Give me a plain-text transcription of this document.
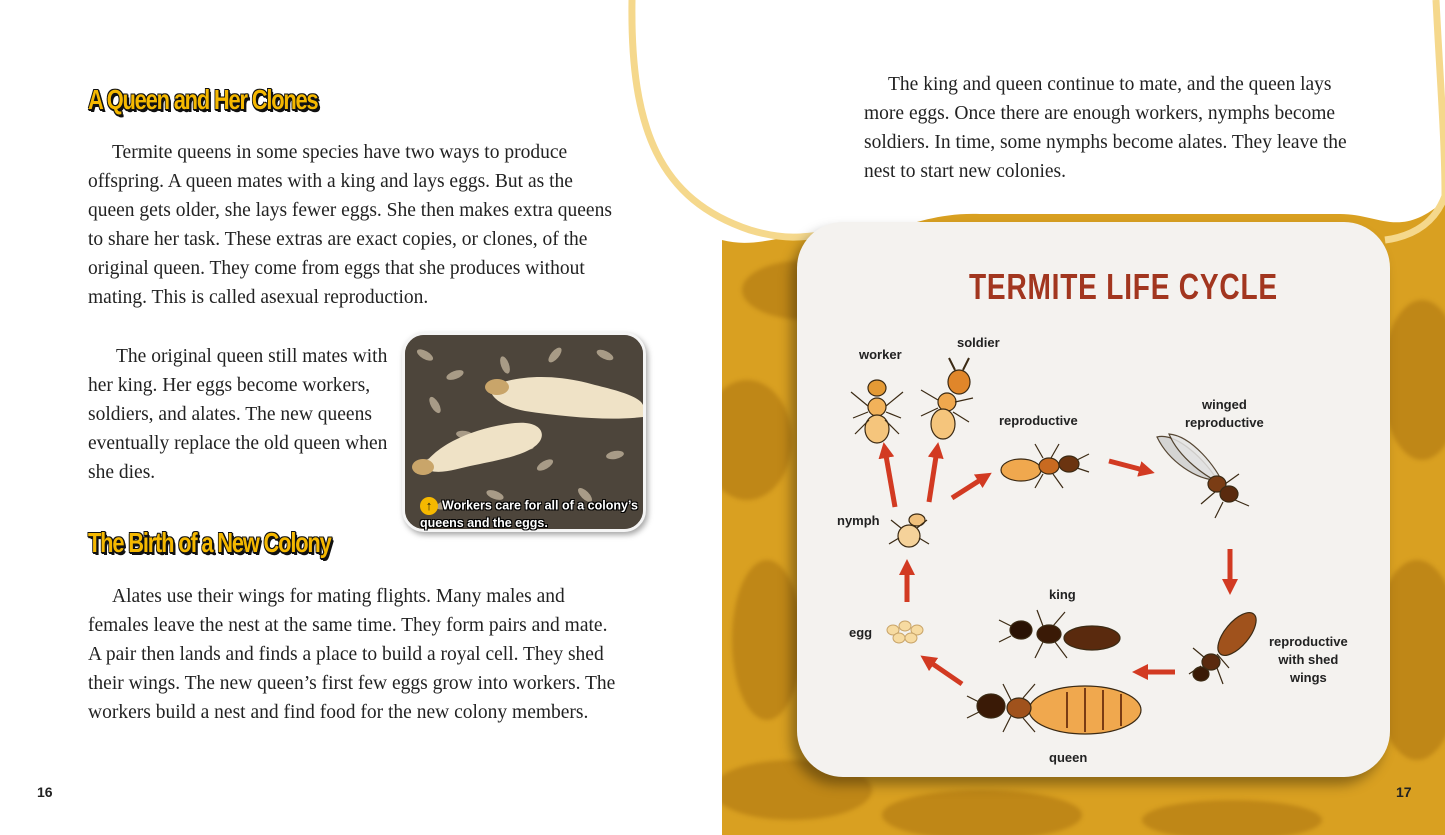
A Queen and Her Clones

Termite queens in some species have two ways to produce offspring. A queen mates with a king and lays eggs. But as the queen gets older, she lays fewer eggs. She then makes extra queens to share her task. These extras are exact copies, or clones, of the original queen. They come from eggs that she produces without mating. This is called asexual reproduction.

The original queen still mates with her king. Her eggs become workers, soldiers, and alates. The new queens eventually replace the old queen when she dies.

↑ Workers care for all of a colony’s queens and the eggs.
The Birth of a New Colony

Alates use their wings for mating flights. Many males and females leave the nest at the same time. They form pairs and mate. A pair then lands and finds a place to build a royal cell. They shed their wings. The new queen’s first few eggs grow into workers. The workers build a nest and find food for the new colony members.

16

The king and queen continue to mate, and the queen lays more eggs. Once there are enough workers, nymphs become soldiers. In time, some nymphs become alates. They leave the nest to start new colonies.

TERMITE LIFE CYCLE
worker
soldier
reproductive
winged
reproductive
nymph
king
egg
reproductive
with shed
wings
queen
17
